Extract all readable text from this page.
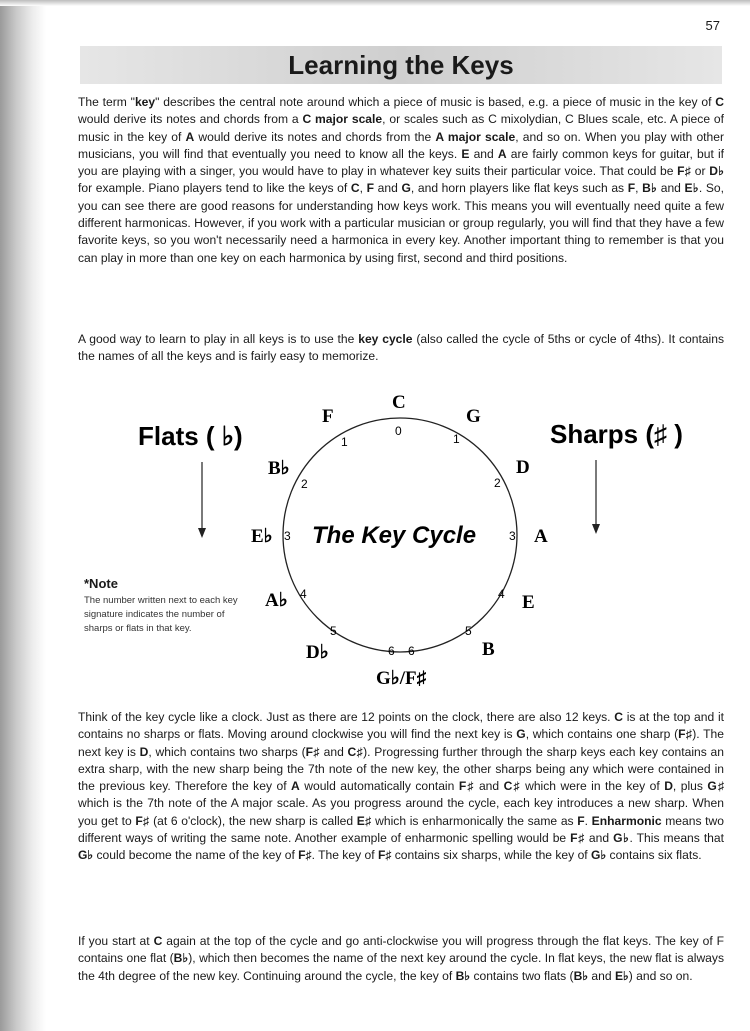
57
Learning the Keys

The term "key" describes the central note around which a piece of music is based, e.g. a piece of music in the key of C would derive its notes and chords from a C major scale, or scales such as C mixolydian, C Blues scale, etc. A piece of music in the key of A would derive its notes and chords from the A major scale, and so on. When you play with other musicians, you will find that eventually you need to know all the keys. E and A are fairly common keys for guitar, but if you are playing with a singer, you would have to play in whatever key suits their particular voice. That could be F♯ or D♭ for example. Piano players tend to like the keys of C, F and G, and horn players like flat keys such as F, B♭ and E♭. So, you can see there are good reasons for understanding how keys work. This means you will eventually need quite a few different harmonicas. However, if you work with a particular musician or group regularly, you will find that they have a few favorite keys, so you won't necessarily need a harmonica in every key. Another important thing to remember is that you can play in more than one key on each harmonica by using first, second and third positions.

A good way to learn to play in all keys is to use the key cycle (also called the cycle of 5ths or cycle of 4ths). It contains the names of all the keys and is fairly easy to memorize.

Flats ( ♭)	Sharps (♯ )
The Key Cycle
C
G
D
A
E
B
G♭/F♯
D♭
A♭
E♭
B♭
F
0
1
2
3
4
5
6 6
5
4
3
2
1

*Note

The number written next to each key signature indicates the number of sharps or flats in that key.

Think of the key cycle like a clock. Just as there are 12 points on the clock, there are also 12 keys. C is at the top and it contains no sharps or flats. Moving around clockwise you will find the next key is G, which contains one sharp (F♯). The next key is D, which contains two sharps (F♯ and C♯). Progressing further through the sharp keys each key contains an extra sharp, with the new sharp being the 7th note of the new key, the other sharps being any which were contained in the previous key. Therefore the key of A would automatically contain F♯ and C♯ which were in the key of D, plus G♯ which is the 7th note of the A major scale. As you progress around the cycle, each key introduces a new sharp. When you get to F♯ (at 6 o'clock), the new sharp is called E♯ which is enharmonically the same as F. Enharmonic means two different ways of writing the same note. Another example of enharmonic spelling would be F♯ and G♭. This means that G♭ could become the name of the key of F♯. The key of F♯ contains six sharps, while the key of G♭ contains six flats.

If you start at C again at the top of the cycle and go anti-clockwise you will progress through the flat keys. The key of F contains one flat (B♭), which then becomes the name of the next key around the cycle. In flat keys, the new flat is always the 4th degree of the new key. Continuing around the cycle, the key of B♭ contains two flats (B♭ and E♭) and so on.
